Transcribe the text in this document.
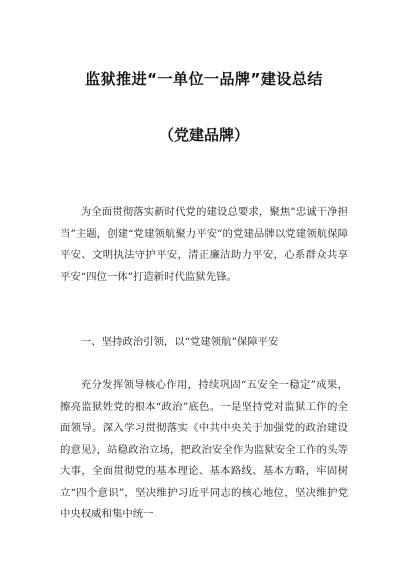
监狱推进“一单位一品牌”建设总结
（党建品牌）

为全面贯彻落实新时代党的建设总要求，聚焦“忠诚干净担当”主题，创建“党建领航聚力平安”的党建品牌以党建领航保障平安、文明执法守护平安，清正廉洁助力平安，心系群众共享平安“四位一体”打造新时代监狱先锋。

一、坚持政治引领，以“党建领航”保障平安

充分发挥领导核心作用，持续巩固“五安全一稳定”成果，擦亮监狱姓党的根本“政治”底色。一是坚持党对监狱工作的全面领导。深入学习贯彻落实《中共中央关于加强党的政治建设的意见》，站稳政治立场，把政治安全作为监狱安全工作的头等大事，全面贯彻党的基本理论、基本路线、基本方略，牢固树立“四个意识”，坚决维护习近平同志的核心地位，坚决维护党中央权威和集中统一
